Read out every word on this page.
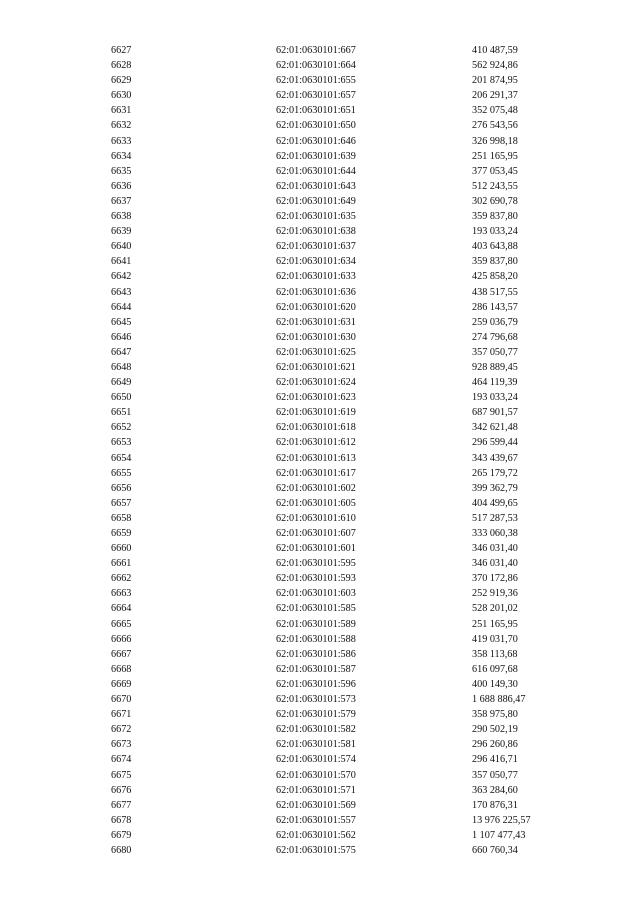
6627	62:01:0630101:667	410 487,59
6628	62:01:0630101:664	562 924,86
6629	62:01:0630101:655	201 874,95
6630	62:01:0630101:657	206 291,37
6631	62:01:0630101:651	352 075,48
6632	62:01:0630101:650	276 543,56
6633	62:01:0630101:646	326 998,18
6634	62:01:0630101:639	251 165,95
6635	62:01:0630101:644	377 053,45
6636	62:01:0630101:643	512 243,55
6637	62:01:0630101:649	302 690,78
6638	62:01:0630101:635	359 837,80
6639	62:01:0630101:638	193 033,24
6640	62:01:0630101:637	403 643,88
6641	62:01:0630101:634	359 837,80
6642	62:01:0630101:633	425 858,20
6643	62:01:0630101:636	438 517,55
6644	62:01:0630101:620	286 143,57
6645	62:01:0630101:631	259 036,79
6646	62:01:0630101:630	274 796,68
6647	62:01:0630101:625	357 050,77
6648	62:01:0630101:621	928 889,45
6649	62:01:0630101:624	464 119,39
6650	62:01:0630101:623	193 033,24
6651	62:01:0630101:619	687 901,57
6652	62:01:0630101:618	342 621,48
6653	62:01:0630101:612	296 599,44
6654	62:01:0630101:613	343 439,67
6655	62:01:0630101:617	265 179,72
6656	62:01:0630101:602	399 362,79
6657	62:01:0630101:605	404 499,65
6658	62:01:0630101:610	517 287,53
6659	62:01:0630101:607	333 060,38
6660	62:01:0630101:601	346 031,40
6661	62:01:0630101:595	346 031,40
6662	62:01:0630101:593	370 172,86
6663	62:01:0630101:603	252 919,36
6664	62:01:0630101:585	528 201,02
6665	62:01:0630101:589	251 165,95
6666	62:01:0630101:588	419 031,70
6667	62:01:0630101:586	358 113,68
6668	62:01:0630101:587	616 097,68
6669	62:01:0630101:596	400 149,30
6670	62:01:0630101:573	1 688 886,47
6671	62:01:0630101:579	358 975,80
6672	62:01:0630101:582	290 502,19
6673	62:01:0630101:581	296 260,86
6674	62:01:0630101:574	296 416,71
6675	62:01:0630101:570	357 050,77
6676	62:01:0630101:571	363 284,60
6677	62:01:0630101:569	170 876,31
6678	62:01:0630101:557	13 976 225,57
6679	62:01:0630101:562	1 107 477,43
6680	62:01:0630101:575	660 760,34
